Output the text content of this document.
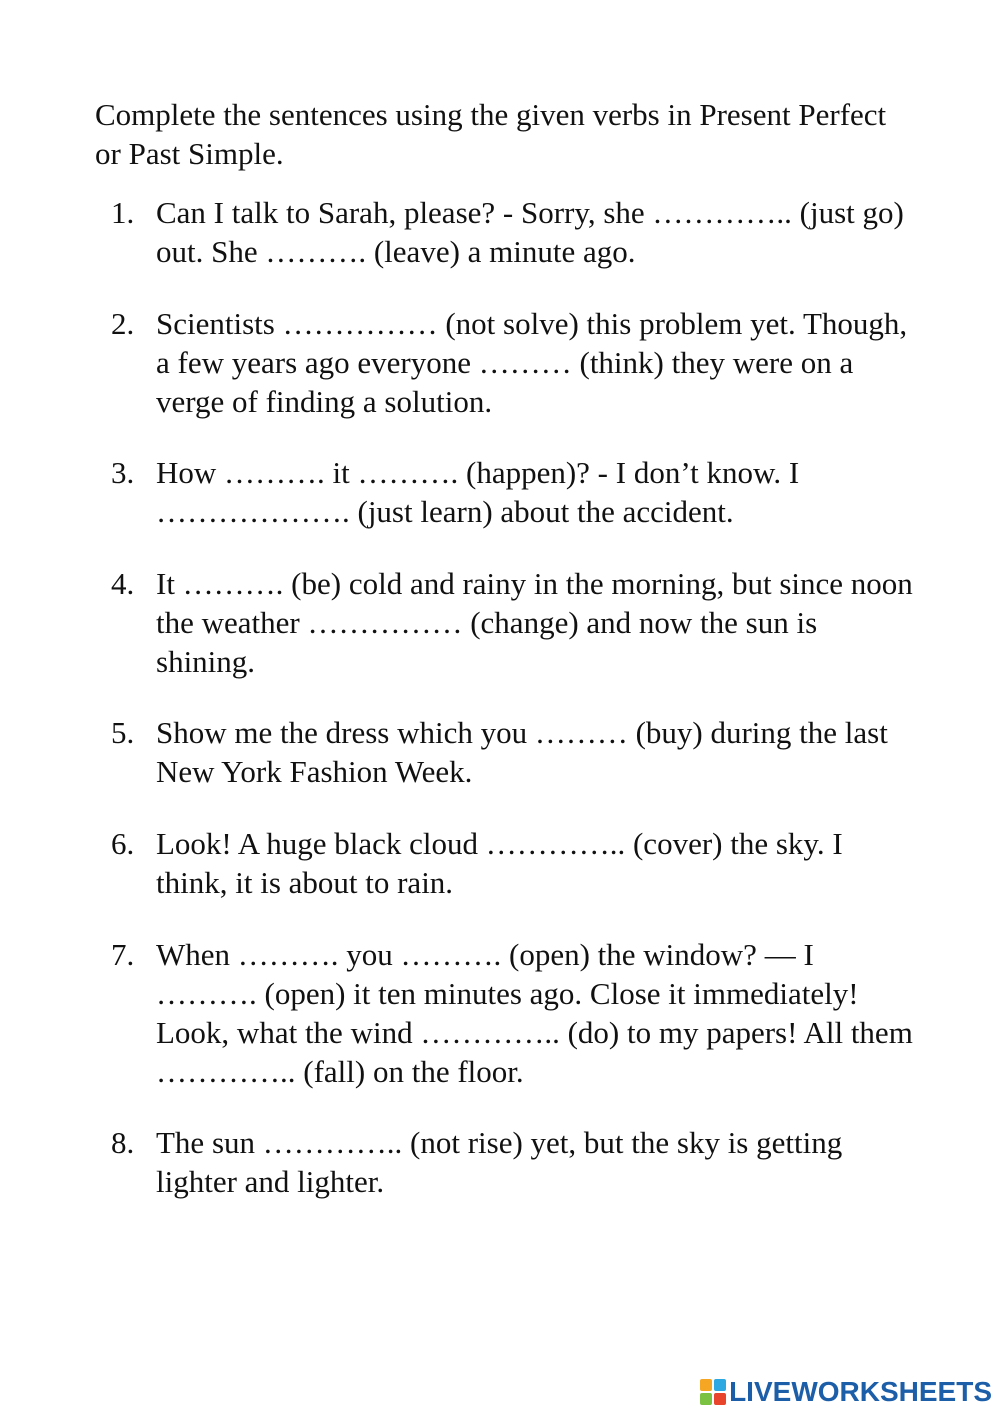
Complete the sentences using the given verbs in Present Perfect or Past Simple.

1. Can I talk to Sarah, please? - Sorry, she ………….. (just go) out. She ………. (leave) a minute ago.
2. Scientists …………… (not solve) this problem yet. Though, a few years ago everyone ……… (think) they were on a verge of finding a solution.
3. How ………. it ………. (happen)? - I don’t know. I ………………. (just learn) about the accident.
4. It ………. (be) cold and rainy in the morning, but since noon the weather …………… (change) and now the sun is shining.
5. Show me the dress which you ……… (buy) during the last New York Fashion Week.
6. Look! A huge black cloud ………….. (cover) the sky. I think, it is about to rain.
7. When ………. you ………. (open) the window? — I ………. (open) it ten minutes ago. Close it immediately! Look, what the wind ………….. (do) to my papers! All them ………….. (fall) on the floor.
8. The sun ………….. (not rise) yet, but the sky is getting lighter and lighter.
LIVEWORKSHEETS
